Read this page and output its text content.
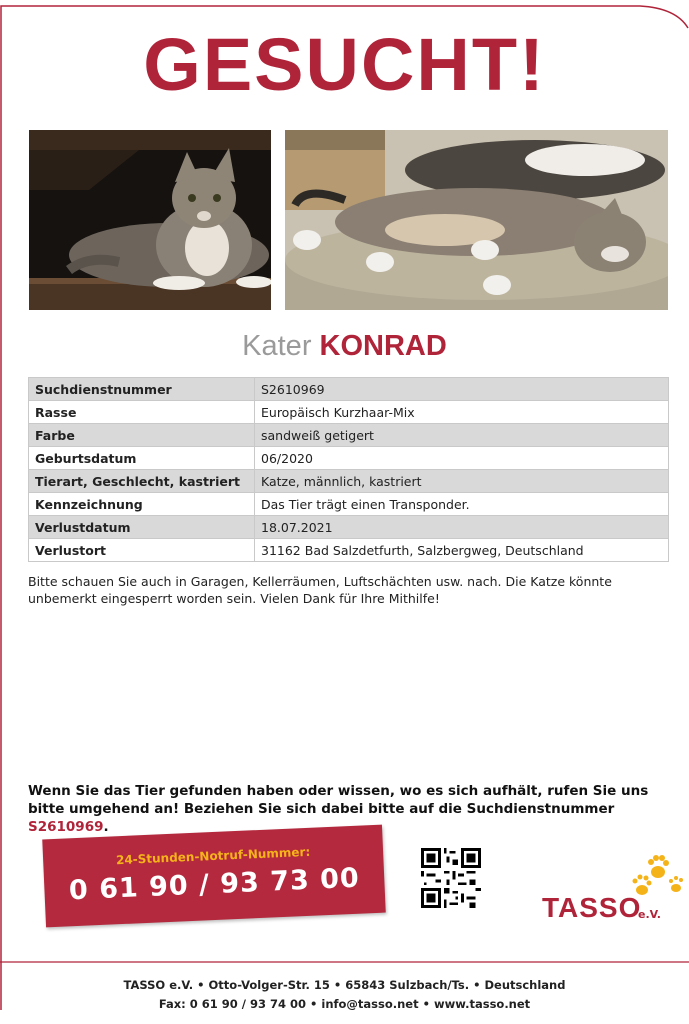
GESUCHT!
Kater KONRAD
Suchdienstnummer	S2610969
Rasse	Europäisch Kurzhaar-Mix
Farbe	sandweiß getigert
Geburtsdatum	06/2020
Tierart, Geschlecht, kastriert	Katze, männlich, kastriert
Kennzeichnung	Das Tier trägt einen Transponder.
Verlustdatum	18.07.2021
Verlustort	31162 Bad Salzdetfurth, Salzbergweg, Deutschland
Bitte schauen Sie auch in Garagen, Kellerräumen, Luftschächten usw. nach. Die Katze könnte unbemerkt eingesperrt worden sein. Vielen Dank für Ihre Mithilfe!
Wenn Sie das Tier gefunden haben oder wissen, wo es sich aufhält, rufen Sie uns bitte umgehend an! Beziehen Sie sich dabei bitte auf die Suchdienstnummer S2610969.
24-Stunden-Notruf-Nummer:
0 61 90 / 93 73 00
TASSO
e.V.
TASSO e.V. • Otto-Volger-Str. 15 • 65843 Sulzbach/Ts. • Deutschland
Fax: 0 61 90 / 93 74 00 • info@tasso.net • www.tasso.net
